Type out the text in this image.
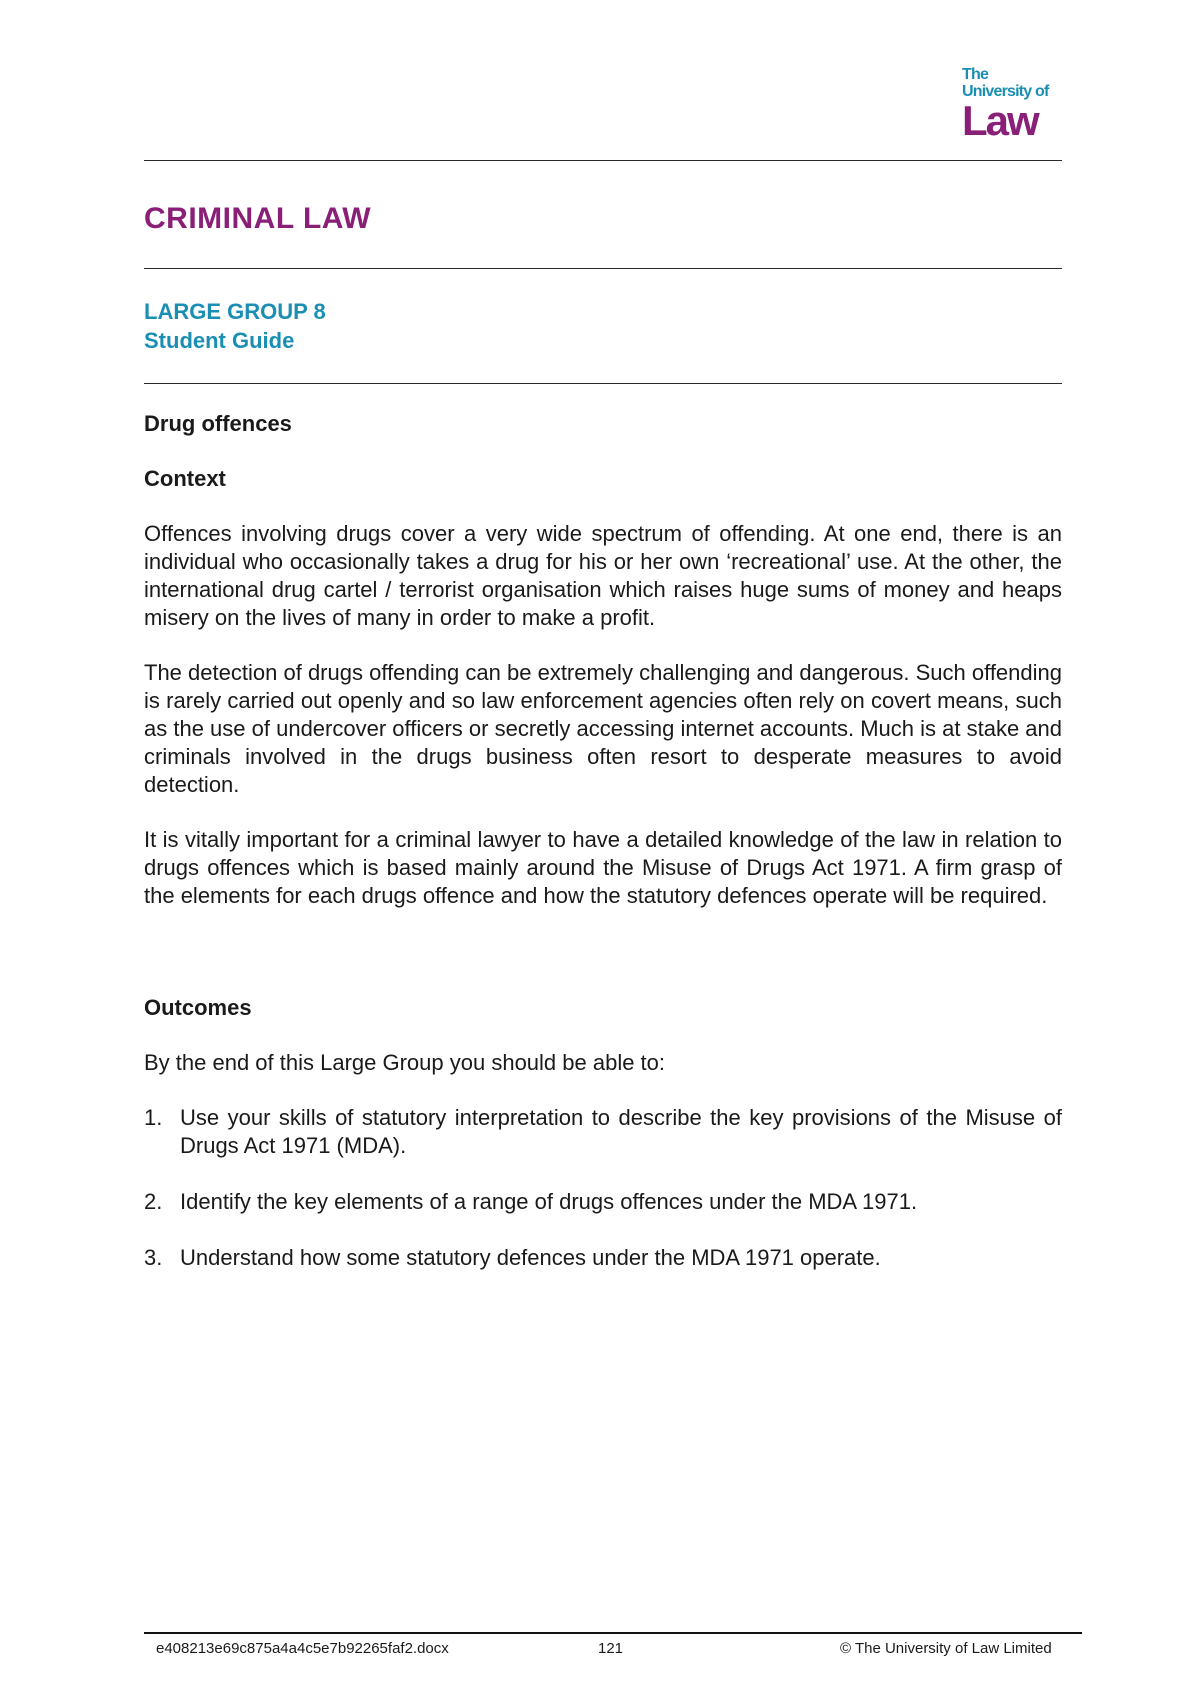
The
University of
Law
CRIMINAL LAW
LARGE GROUP 8
Student Guide
Drug offences
Context

Offences involving drugs cover a very wide spectrum of offending. At one end, there is an individual who occasionally takes a drug for his or her own ‘recreational’ use. At the other, the international drug cartel / terrorist organisation which raises huge sums of money and heaps misery on the lives of many in order to make a profit.

The detection of drugs offending can be extremely challenging and dangerous. Such offending is rarely carried out openly and so law enforcement agencies often rely on covert means, such as the use of undercover officers or secretly accessing internet accounts. Much is at stake and criminals involved in the drugs business often resort to desperate measures to avoid detection.

It is vitally important for a criminal lawyer to have a detailed knowledge of the law in relation to drugs offences which is based mainly around the Misuse of Drugs Act 1971. A firm grasp of the elements for each drugs offence and how the statutory defences operate will be required.

Outcomes

By the end of this Large Group you should be able to:

1. Use your skills of statutory interpretation to describe the key provisions of the Misuse of Drugs Act 1971 (MDA).
2. Identify the key elements of a range of drugs offences under the MDA 1971.
3. Understand how some statutory defences under the MDA 1971 operate.
e408213e69c875a4a4c5e7b92265faf2.docx	121	© The University of Law Limited
